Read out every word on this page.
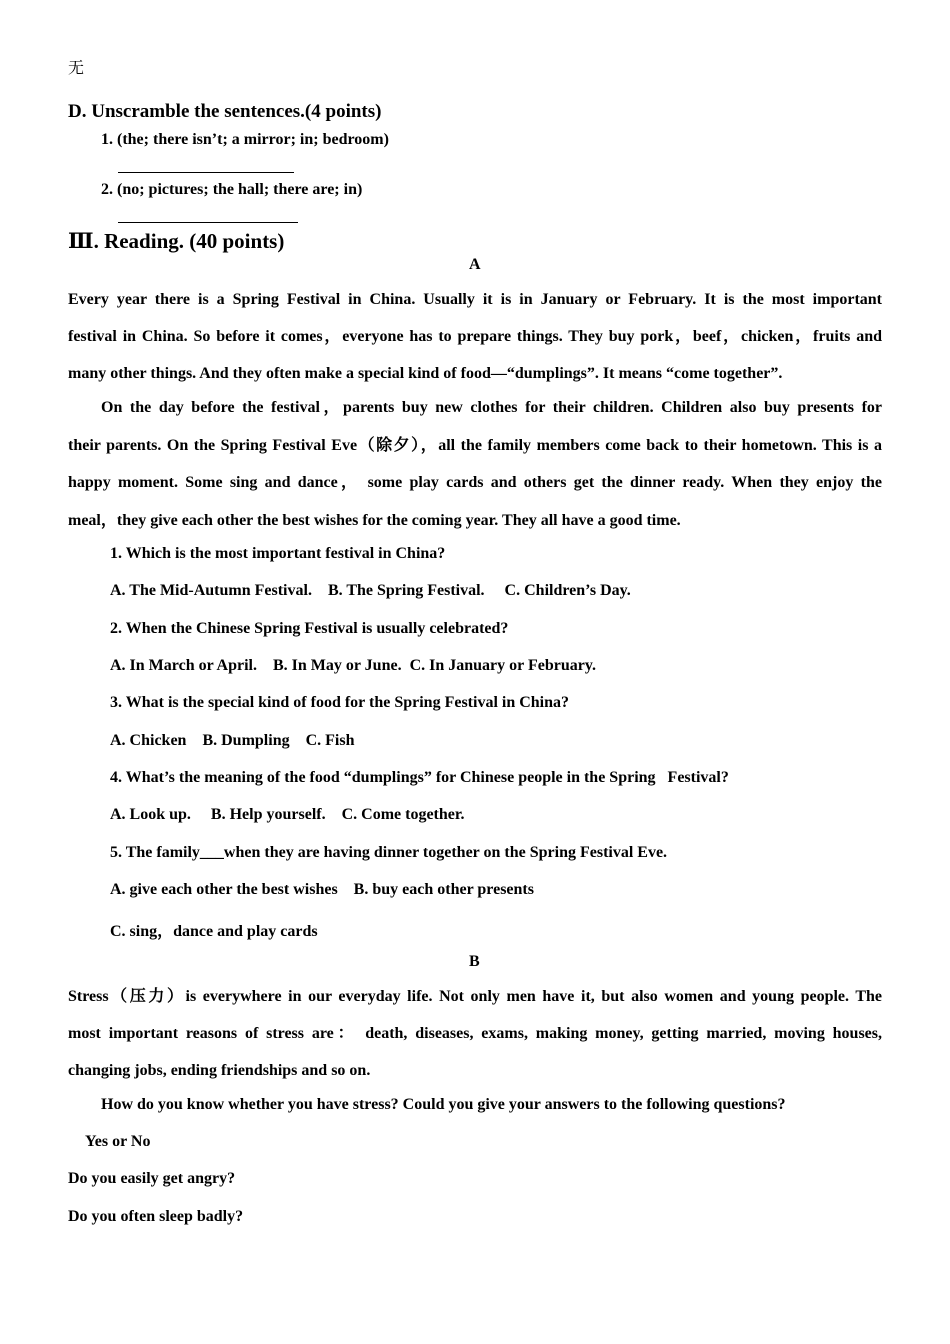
无
D. Unscramble the sentences.(4 points)
1. (the; there isn’t; a mirror; in; bedroom)
2. (no; pictures; the hall; there are; in)
Ⅲ. Reading. (40 points)
A
Every year there is a Spring Festival in China. Usually it is in January or February. It is the most important
festival in China. So before it comes，everyone has to prepare things. They buy pork，beef，chicken，fruits and
many other things. And they often make a special kind of food—“dumplings”. It means “come together”.
On the day before the festival，parents buy new clothes for their children. Children also buy presents for
their parents. On the Spring Festival Eve（除夕），all the family members come back to their hometown. This is a
happy moment. Some sing and dance， some play cards and others get the dinner ready. When they enjoy the
meal，they give each other the best wishes for the coming year. They all have a good time.
1. Which is the most important festival in China?
A. The Mid-Autumn Festival.    B. The Spring Festival.     C. Children’s Day.
2. When the Chinese Spring Festival is usually celebrated?
A. In March or April.    B. In May or June.  C. In January or February.
3. What is the special kind of food for the Spring Festival in China?
A. Chicken    B. Dumpling    C. Fish
4. What’s the meaning of the food “dumplings” for Chinese people in the Spring   Festival?
A. Look up.     B. Help yourself.    C. Come together.
5. The family___when they are having dinner together on the Spring Festival Eve.
A. give each other the best wishes    B. buy each other presents
C. sing，dance and play cards
B
Stress（压力）is everywhere in our everyday life. Not only men have it, but also women and young people. The
most important reasons of stress are： death, diseases, exams, making money, getting married, moving houses,
changing jobs, ending friendships and so on.
How do you know whether you have stress? Could you give your answers to the following questions?
Yes or No
Do you easily get angry?
Do you often sleep badly?
